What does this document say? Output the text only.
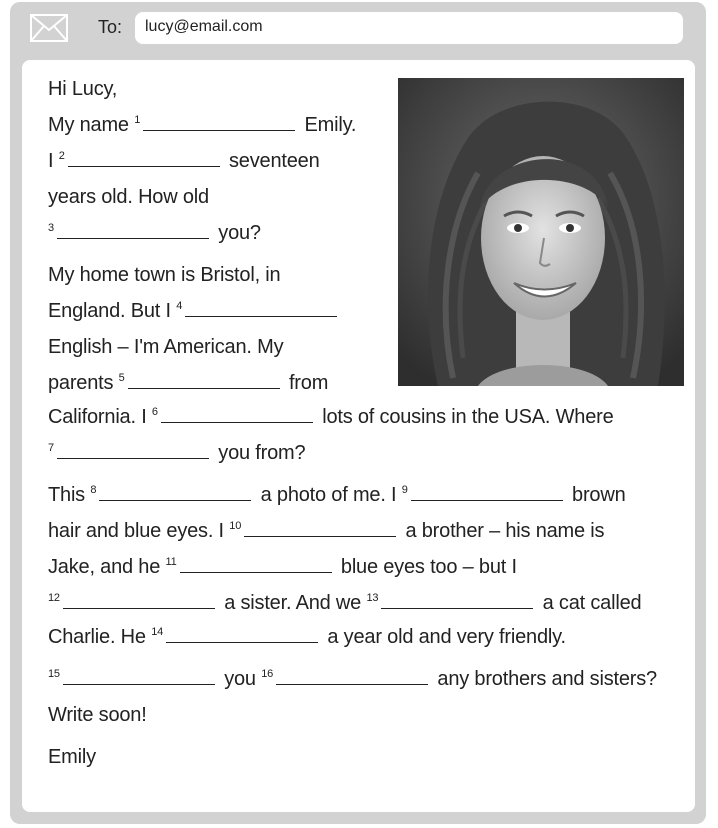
To:	lucy@email.com
Hi Lucy,
My name $^1$	Emily.
I $^2$	seventeen
years old. How old
$^3$	you?
My home town is Bristol, in
England. But I $^4$
English – I'm American. My
parents $^5$	from
California. I $^6$	lots of cousins in the USA. Where
$^7$	you from?
This $^8$	a photo of me. I $^9$	brown
hair and blue eyes. I $^{10}$	a brother – his name is
Jake, and he $^{11}$	blue eyes too – but I
$^{12}$	a sister. And we $^{13}$	a cat called
Charlie. He $^{14}$	a year old and very friendly.
$^{15}$	you $^{16}$	any brothers and sisters?
Write soon!
Emily
